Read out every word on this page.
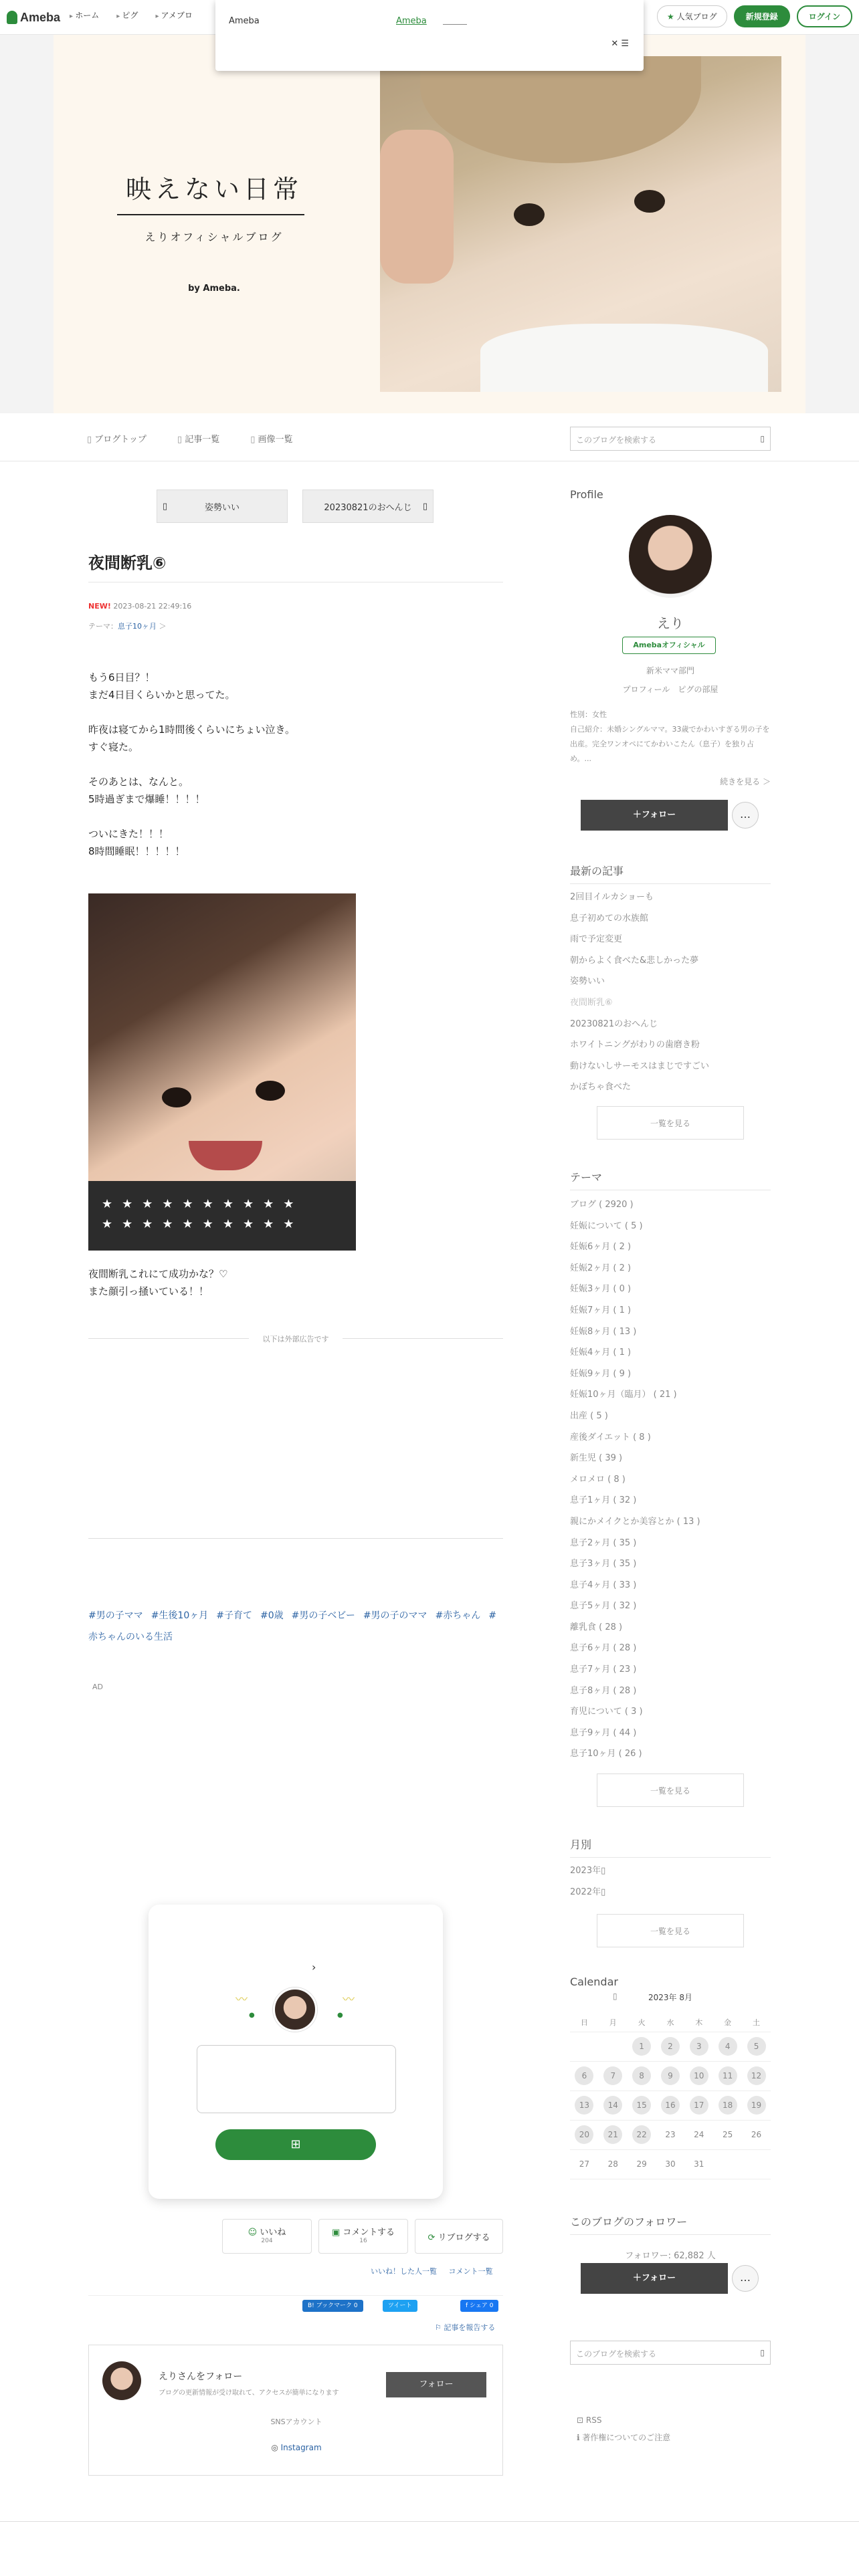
Ameba	▸ ホーム	▸ ピグ	▸ アメブロ	★ 人気ブログ	新規登録	ログイン
Ameba	Ameba
✕ ☰
映えない日常
えりオフィシャルブログ
by Ameba.
▯ ブログトップ	▯ 記事一覧	▯ 画像一覧	このブログを検索する	▯
▯	姿勢いい	20230821のおへんじ ▯
夜間断乳⑥
NEW! 2023-08-21 22:49:16
テーマ：息子10ヶ月 ＞

もう6日目？！
まだ4日目くらいかと思ってた。

昨夜は寝てから1時間後くらいにちょい泣き。
すぐ寝た。

そのあとは、なんと。
5時過ぎまで爆睡！！！！

ついにきた！！！
8時間睡眠！！！！！

★★★★★★★★★★
★★★★★★★★★★
夜間断乳これにて成功かな？♡
また顔引っ掻いている！！
以下は外部広告です
#男の子ママ #生後10ヶ月 #子育て #0歳 #男の子ベビー #男の子のママ #赤ちゃん #赤ちゃんのいる生活
AD
›
〰	〰
●	●
⊞
☺ いいね
204
▣ コメントする
16	⟳ リブログする
いいね！した人一覧 コメント一覧
B! ブックマーク 0	ツイート	f シェア 0
⚐ 記事を報告する
えりさんをフォロー
ブログの更新情報が受け取れて、アクセスが簡単になります
フォロー
SNSアカウント
◎ Instagram
Profile
えり
Amebaオフィシャル
新米ママ部門
プロフィール　ピグの部屋
性別：女性
自己紹介：未婚シングルママ。33歳でかわいすぎる男の子を出産。完全ワンオペにてかわいこたん（息子）を独り占め。...
続きを見る ＞
＋フォロー	…
最新の記事
2回目イルカショーも
息子初めての水族館
雨で予定変更
朝からよく食べた&悲しかった夢
姿勢いい
夜間断乳⑥
20230821のおへんじ
ホワイトニングがわりの歯磨き粉
動けないしサーモスはまじですごい
かぼちゃ食べた
一覧を見る
テーマ
ブログ ( 2920 )
妊娠について ( 5 )
妊娠6ヶ月 ( 2 )
妊娠2ヶ月 ( 2 )
妊娠3ヶ月 ( 0 )
妊娠7ヶ月 ( 1 )
妊娠8ヶ月 ( 13 )
妊娠4ヶ月 ( 1 )
妊娠9ヶ月 ( 9 )
妊娠10ヶ月（臨月） ( 21 )
出産 ( 5 )
産後ダイエット ( 8 )
新生児 ( 39 )
メロメロ ( 8 )
息子1ヶ月 ( 32 )
親にかメイクとか美容とか ( 13 )
息子2ヶ月 ( 35 )
息子3ヶ月 ( 35 )
息子4ヶ月 ( 33 )
息子5ヶ月 ( 32 )
離乳食 ( 28 )
息子6ヶ月 ( 28 )
息子7ヶ月 ( 23 )
息子8ヶ月 ( 28 )
育児について ( 3 )
息子9ヶ月 ( 44 )
息子10ヶ月 ( 26 )
一覧を見る
月別
2023年▯
2022年▯
一覧を見る
Calendar
▯	2023年 8月
日	月	火	水	木	金	土
		1	2	3	4	5
6	7	8	9	10	11	12
13	14	15	16	17	18	19
20	21	22	23	24	25	26
27	28	29	30	31		
このブログのフォロワー
フォロワー: 62,882 人
＋フォロー	…
このブログを検索する	▯
⊡ RSS
ℹ 著作権についてのご注意
